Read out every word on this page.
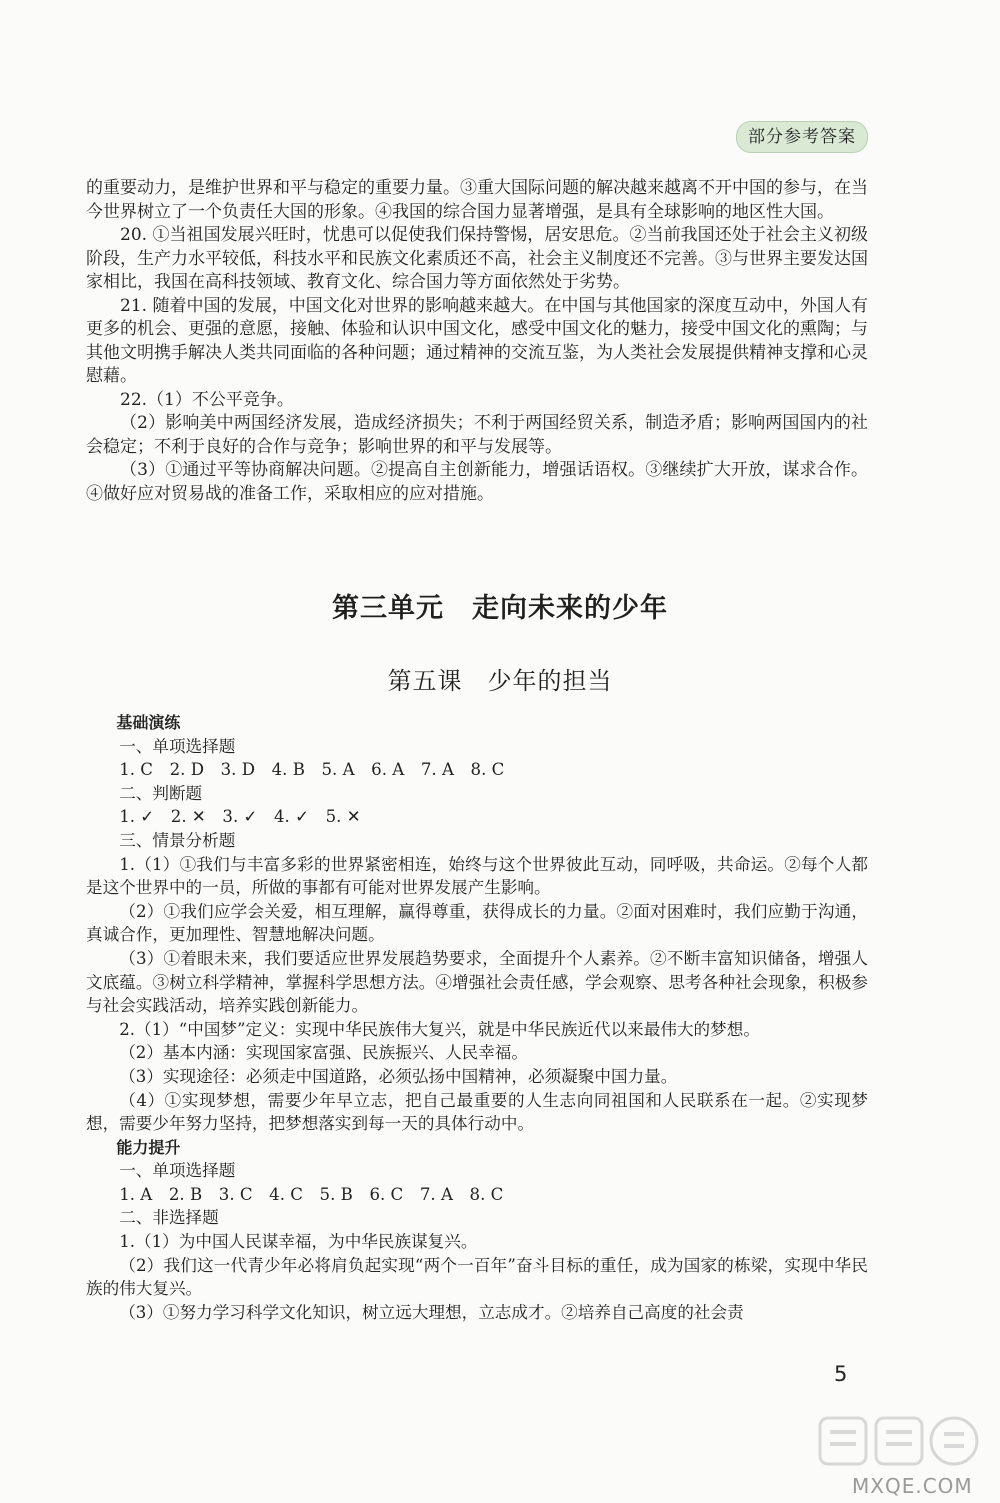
部分参考答案

的重要动力，是维护世界和平与稳定的重要力量。③重大国际问题的解决越来越离不开中国的参与，在当今世界树立了一个负责任大国的形象。④我国的综合国力显著增强，是具有全球影响的地区性大国。

20. ①当祖国发展兴旺时，忧患可以促使我们保持警惕，居安思危。②当前我国还处于社会主义初级阶段，生产力水平较低，科技水平和民族文化素质还不高，社会主义制度还不完善。③与世界主要发达国家相比，我国在高科技领域、教育文化、综合国力等方面依然处于劣势。

21. 随着中国的发展，中国文化对世界的影响越来越大。在中国与其他国家的深度互动中，外国人有更多的机会、更强的意愿，接触、体验和认识中国文化，感受中国文化的魅力，接受中国文化的熏陶；与其他文明携手解决人类共同面临的各种问题；通过精神的交流互鉴，为人类社会发展提供精神支撑和心灵慰藉。

22.（1）不公平竞争。

（2）影响美中两国经济发展，造成经济损失；不利于两国经贸关系，制造矛盾；影响两国国内的社会稳定；不利于良好的合作与竞争；影响世界的和平与发展等。

（3）①通过平等协商解决问题。②提高自主创新能力，增强话语权。③继续扩大开放，谋求合作。④做好应对贸易战的准备工作，采取相应的应对措施。

第三单元　走向未来的少年
第五课　少年的担当

基础演练

一、单项选择题

1. C　2. D　3. D　4. B　5. A　6. A　7. A　8. C

二、判断题

1. ✓　2. ✕　3. ✓　4. ✓　5. ✕

三、情景分析题

1.（1）①我们与丰富多彩的世界紧密相连，始终与这个世界彼此互动，同呼吸，共命运。②每个人都是这个世界中的一员，所做的事都有可能对世界发展产生影响。

（2）①我们应学会关爱，相互理解，赢得尊重，获得成长的力量。②面对困难时，我们应勤于沟通，真诚合作，更加理性、智慧地解决问题。

（3）①着眼未来，我们要适应世界发展趋势要求，全面提升个人素养。②不断丰富知识储备，增强人文底蕴。③树立科学精神，掌握科学思想方法。④增强社会责任感，学会观察、思考各种社会现象，积极参与社会实践活动，培养实践创新能力。

2.（1）“中国梦”定义：实现中华民族伟大复兴，就是中华民族近代以来最伟大的梦想。

（2）基本内涵：实现国家富强、民族振兴、人民幸福。

（3）实现途径：必须走中国道路，必须弘扬中国精神，必须凝聚中国力量。

（4）①实现梦想，需要少年早立志，把自己最重要的人生志向同祖国和人民联系在一起。②实现梦想，需要少年努力坚持，把梦想落实到每一天的具体行动中。

能力提升

一、单项选择题

1. A　2. B　3. C　4. C　5. B　6. C　7. A　8. C

二、非选择题

1.（1）为中国人民谋幸福，为中华民族谋复兴。

（2）我们这一代青少年必将肩负起实现“两个一百年”奋斗目标的重任，成为国家的栋梁，实现中华民族的伟大复兴。

（3）①努力学习科学文化知识，树立远大理想，立志成才。②培养自己高度的社会责

5
MXQE.COM
